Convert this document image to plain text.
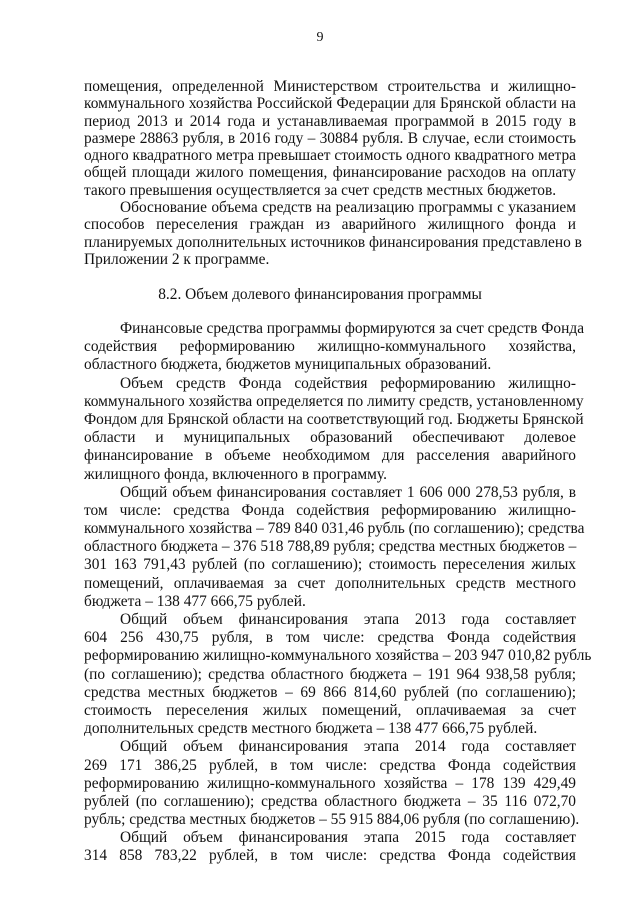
9
помещения, определенной Министерством строительства и жилищно-
коммунального хозяйства Российской Федерации для Брянской области на
период 2013 и 2014 года и устанавливаемая программой в 2015 году в
размере 28863 рубля, в 2016 году – 30884 рубля. В случае, если стоимость
одного квадратного метра превышает стоимость одного квадратного метра
общей площади жилого помещения, финансирование расходов на оплату
такого превышения осуществляется за счет средств местных бюджетов.
Обоснование объема средств на реализацию программы с указанием
способов переселения граждан из аварийного жилищного фонда и
планируемых дополнительных источников финансирования представлено в
Приложении 2 к программе.
8.2. Объем долевого финансирования программы
Финансовые средства программы формируются за счет средств Фонда
содействия реформированию жилищно-коммунального хозяйства,
областного бюджета, бюджетов муниципальных образований.
Объем средств Фонда содействия реформированию жилищно-
коммунального хозяйства определяется по лимиту средств, установленному
Фондом для Брянской области на соответствующий год. Бюджеты Брянской
области и муниципальных образований обеспечивают долевое
финансирование в объеме необходимом для расселения аварийного
жилищного фонда, включенного в программу.
Общий объем финансирования составляет 1 606 000 278,53 рубля, в
том числе: средства Фонда содействия реформированию жилищно-
коммунального хозяйства – 789 840 031,46 рубль (по соглашению); средства
областного бюджета – 376 518 788,89 рубля; средства местных бюджетов –
301 163 791,43 рублей (по соглашению); стоимость переселения жилых
помещений, оплачиваемая за счет дополнительных средств местного
бюджета – 138 477 666,75 рублей.
Общий объем финансирования этапа 2013 года составляет
604 256 430,75 рубля, в том числе: средства Фонда содействия
реформированию жилищно-коммунального хозяйства – 203 947 010,82 рубль
(по соглашению); средства областного бюджета – 191 964 938,58 рубля;
средства местных бюджетов – 69 866 814,60 рублей (по соглашению);
стоимость переселения жилых помещений, оплачиваемая за счет
дополнительных средств местного бюджета – 138 477 666,75 рублей.
Общий объем финансирования этапа 2014 года составляет
269 171 386,25 рублей, в том числе: средства Фонда содействия
реформированию жилищно-коммунального хозяйства – 178 139 429,49
рублей (по соглашению); средства областного бюджета – 35 116 072,70
рубль; средства местных бюджетов – 55 915 884,06 рубля (по соглашению).
Общий объем финансирования этапа 2015 года составляет
314 858 783,22 рублей, в том числе: средства Фонда содействия
